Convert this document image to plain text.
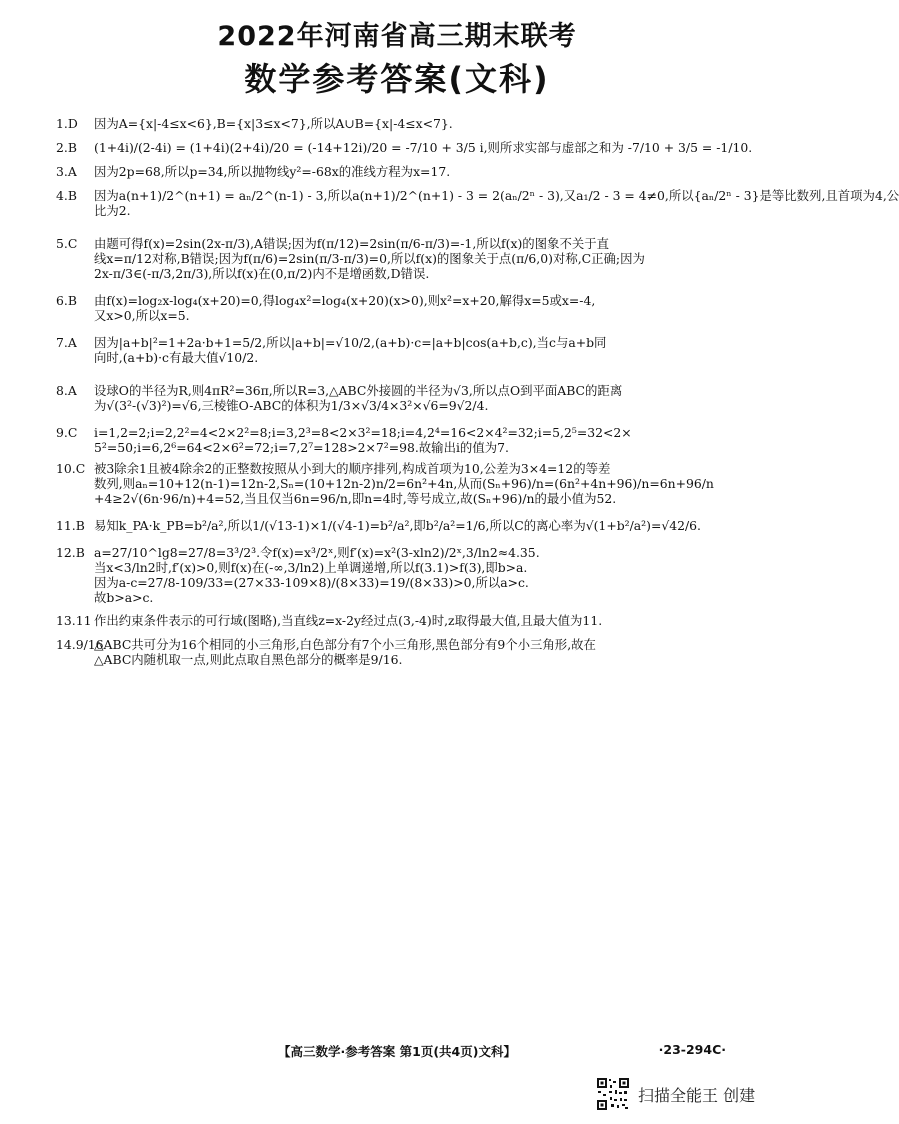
2022年河南省高三期末联考
数学参考答案(文科)
1.D	因为A={x|-4≤x<6},B={x|3≤x<7},所以A∪B={x|-4≤x<7}.
2.B	(1+4i)/(2-4i) = (1+4i)(2+4i)/20 = (-14+12i)/20 = -7/10 + 3/5 i,则所求实部与虚部之和为 -7/10 + 3/5 = -1/10.
3.A	因为2p=68,所以p=34,所以抛物线y²=-68x的准线方程为x=17.
4.B	因为a(n+1)/2^(n+1) = aₙ/2^(n-1) - 3,所以a(n+1)/2^(n+1) - 3 = 2(aₙ/2ⁿ - 3),又a₁/2 - 3 = 4≠0,所以{aₙ/2ⁿ - 3}是等比数列,且首项为4,公
比为2.
5.C	由题可得f(x)=2sin(2x-π/3),A错误;因为f(π/12)=2sin(π/6-π/3)=-1,所以f(x)的图象不关于直
线x=π/12对称,B错误;因为f(π/6)=2sin(π/3-π/3)=0,所以f(x)的图象关于点(π/6,0)对称,C正确;因为
2x-π/3∈(-π/3,2π/3),所以f(x)在(0,π/2)内不是增函数,D错误.
6.B	由f(x)=log₂x-log₄(x+20)=0,得log₄x²=log₄(x+20)(x>0),则x²=x+20,解得x=5或x=-4,
又x>0,所以x=5.
7.A	因为|a+b|²=1+2a·b+1=5/2,所以|a+b|=√10/2,(a+b)·c=|a+b|cos(a+b,c),当c与a+b同
向时,(a+b)·c有最大值√10/2.
8.A	设球O的半径为R,则4πR²=36π,所以R=3,△ABC外接圆的半径为√3,所以点O到平面ABC的距离
为√(3²-(√3)²)=√6,三棱锥O-ABC的体积为1/3×√3/4×3²×√6=9√2/4.
9.C	i=1,2=2;i=2,2²=4<2×2²=8;i=3,2³=8<2×3²=18;i=4,2⁴=16<2×4²=32;i=5,2⁵=32<2×
5²=50;i=6,2⁶=64<2×6²=72;i=7,2⁷=128>2×7²=98.故输出i的值为7.
10.C 被3除余1且被4除余2的正整数按照从小到大的顺序排列,构成首项为10,公差为3×4=12的等差
数列,则aₙ=10+12(n-1)=12n-2,Sₙ=(10+12n-2)n/2=6n²+4n,从而(Sₙ+96)/n=(6n²+4n+96)/n=6n+96/n
+4≥2√(6n·96/n)+4=52,当且仅当6n=96/n,即n=4时,等号成立,故(Sₙ+96)/n的最小值为52.
11.B 易知k_PA·k_PB=b²/a²,所以1/(√13-1)×1/(√4-1)=b²/a²,即b²/a²=1/6,所以C的离心率为√(1+b²/a²)=√42/6.
12.B a=27/10^lg8=27/8=3³/2³.令f(x)=x³/2ˣ,则f′(x)=x²(3-xln2)/2ˣ,3/ln2≈4.35.
当x<3/ln2时,f′(x)>0,则f(x)在(-∞,3/ln2)上单调递增,所以f(3.1)>f(3),即b>a.
因为a-c=27/8-109/33=(27×33-109×8)/(8×33)=19/(8×33)>0,所以a>c.
故b>a>c.
13.11 作出约束条件表示的可行域(图略),当直线z=x-2y经过点(3,-4)时,z取得最大值,且最大值为11.
14.9/16
△ABC共可分为16个相同的小三角形,白色部分有7个小三角形,黑色部分有9个小三角形,故在
△ABC内随机取一点,则此点取自黑色部分的概率是9/16.
【高三数学·参考答案 第1页(共4页)文科】	·23-294C·
扫描全能王 创建
